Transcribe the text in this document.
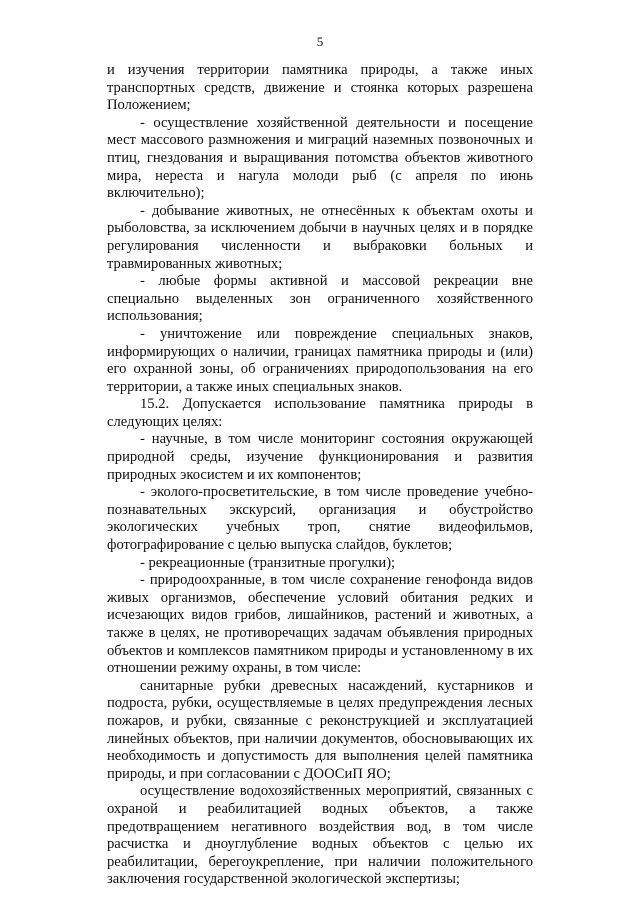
5

и изучения территории памятника природы, а также иных транспортных средств, движение и стоянка которых разрешена Положением;

- осуществление хозяйственной деятельности и посещение мест массового размножения и миграций наземных позвоночных и птиц, гнездования и выращивания потомства объектов животного мира, нереста и нагула молоди рыб (с апреля по июнь включительно);

- добывание животных, не отнесённых к объектам охоты и рыболовства, за исключением добычи в научных целях и в порядке регулирования численности и выбраковки больных и травмированных животных;

- любые формы активной и массовой рекреации вне специально выделенных зон ограниченного хозяйственного использования;

- уничтожение или повреждение специальных знаков, информирующих о наличии, границах памятника природы и (или) его охранной зоны, об ограничениях природопользования на его территории, а также иных специальных знаков.

15.2. Допускается использование памятника природы в следующих целях:

- научные, в том числе мониторинг состояния окружающей природной среды, изучение функционирования и развития природных экосистем и их компонентов;

- эколого-просветительские, в том числе проведение учебно-познавательных экскурсий, организация и обустройство экологических учебных троп, снятие видеофильмов, фотографирование с целью выпуска слайдов, буклетов;

- рекреационные (транзитные прогулки);

- природоохранные, в том числе сохранение генофонда видов живых организмов, обеспечение условий обитания редких и исчезающих видов грибов, лишайников, растений и животных, а также в целях, не противоречащих задачам объявления природных объектов и комплексов памятником природы и установленному в их отношении режиму охраны, в том числе:

санитарные рубки древесных насаждений, кустарников и подроста, рубки, осуществляемые в целях предупреждения лесных пожаров, и рубки, связанные с реконструкцией и эксплуатацией линейных объектов, при наличии документов, обосновывающих их необходимость и допустимость для выполнения целей памятника природы, и при согласовании с ДООСиП ЯО;

осуществление водохозяйственных мероприятий, связанных с охраной и реабилитацией водных объектов, а также предотвращением негативного воздействия вод, в том числе расчистка и дноуглубление водных объектов с целью их реабилитации, берегоукрепление, при наличии положительного заключения государственной экологической экспертизы;
